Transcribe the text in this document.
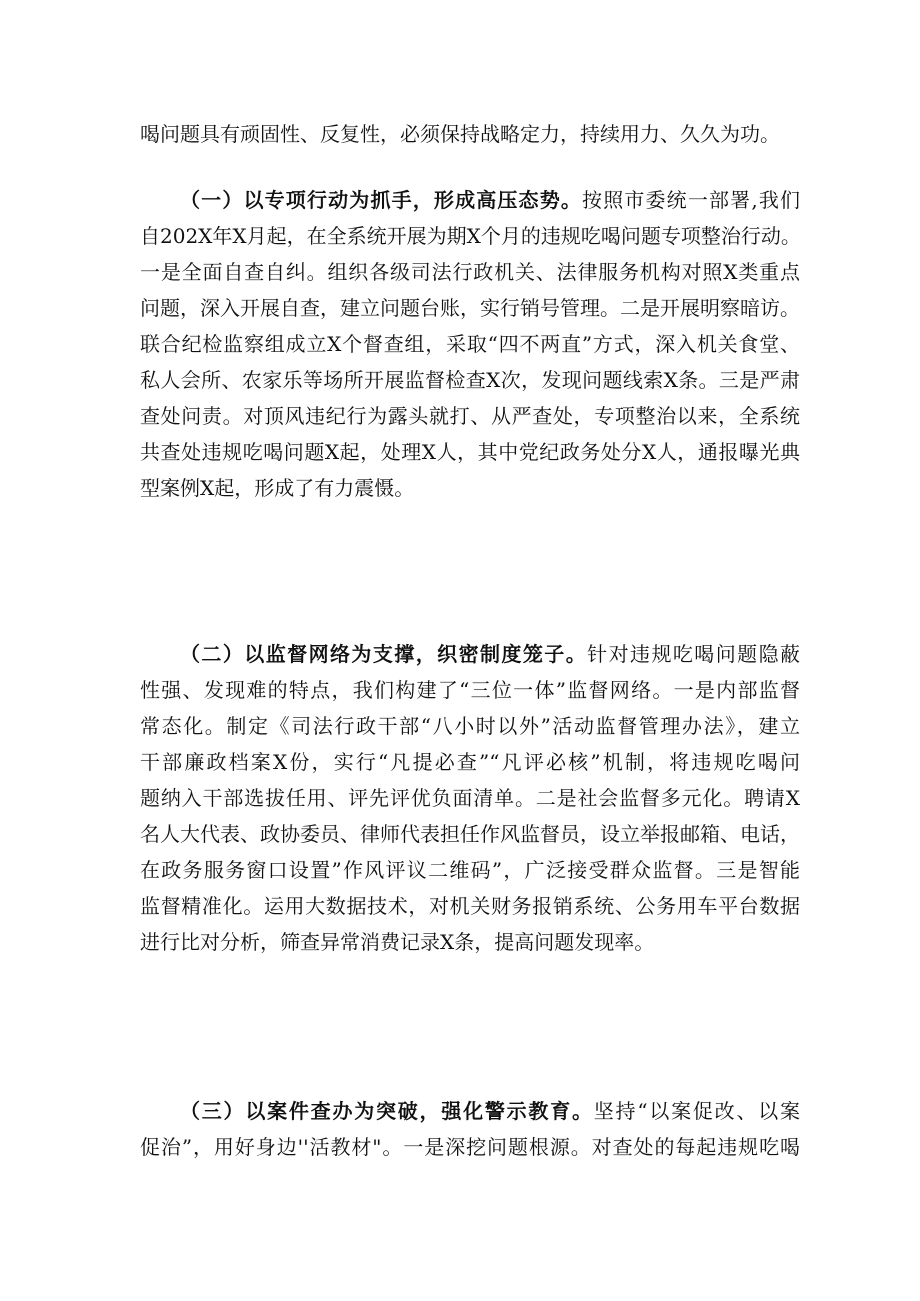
喝问题具有顽固性、反复性，必须保持战略定力，持续用力、久久为功。
（一）以专项行动为抓手，形成高压态势。按照市委统一部署,我们
自202X年X月起，在全系统开展为期X个月的违规吃喝问题专项整治行动。
一是全面自查自纠。组织各级司法行政机关、法律服务机构对照X类重点
问题，深入开展自查，建立问题台账，实行销号管理。二是开展明察暗访。
联合纪检监察组成立X个督查组，采取“四不两直”方式，深入机关食堂、
私人会所、农家乐等场所开展监督检查X次，发现问题线索X条。三是严肃
查处问责。对顶风违纪行为露头就打、从严查处，专项整治以来，全系统
共查处违规吃喝问题X起，处理X人，其中党纪政务处分X人，通报曝光典
型案例X起，形成了有力震慑。
（二）以监督网络为支撑，织密制度笼子。针对违规吃喝问题隐蔽
性强、发现难的特点，我们构建了“三位一体”监督网络。一是内部监督
常态化。制定《司法行政干部“八小时以外”活动监督管理办法》，建立
干部廉政档案X份，实行“凡提必查”“凡评必核”机制，将违规吃喝问
题纳入干部选拔任用、评先评优负面清单。二是社会监督多元化。聘请X
名人大代表、政协委员、律师代表担任作风监督员，设立举报邮箱、电话，
在政务服务窗口设置”作风评议二维码”，广泛接受群众监督。三是智能
监督精准化。运用大数据技术，对机关财务报销系统、公务用车平台数据
进行比对分析，筛查异常消费记录X条，提高问题发现率。
（三）以案件查办为突破，强化警示教育。坚持“以案促改、以案
促治”，用好身边''活教材"。一是深挖问题根源。对查处的每起违规吃喝
